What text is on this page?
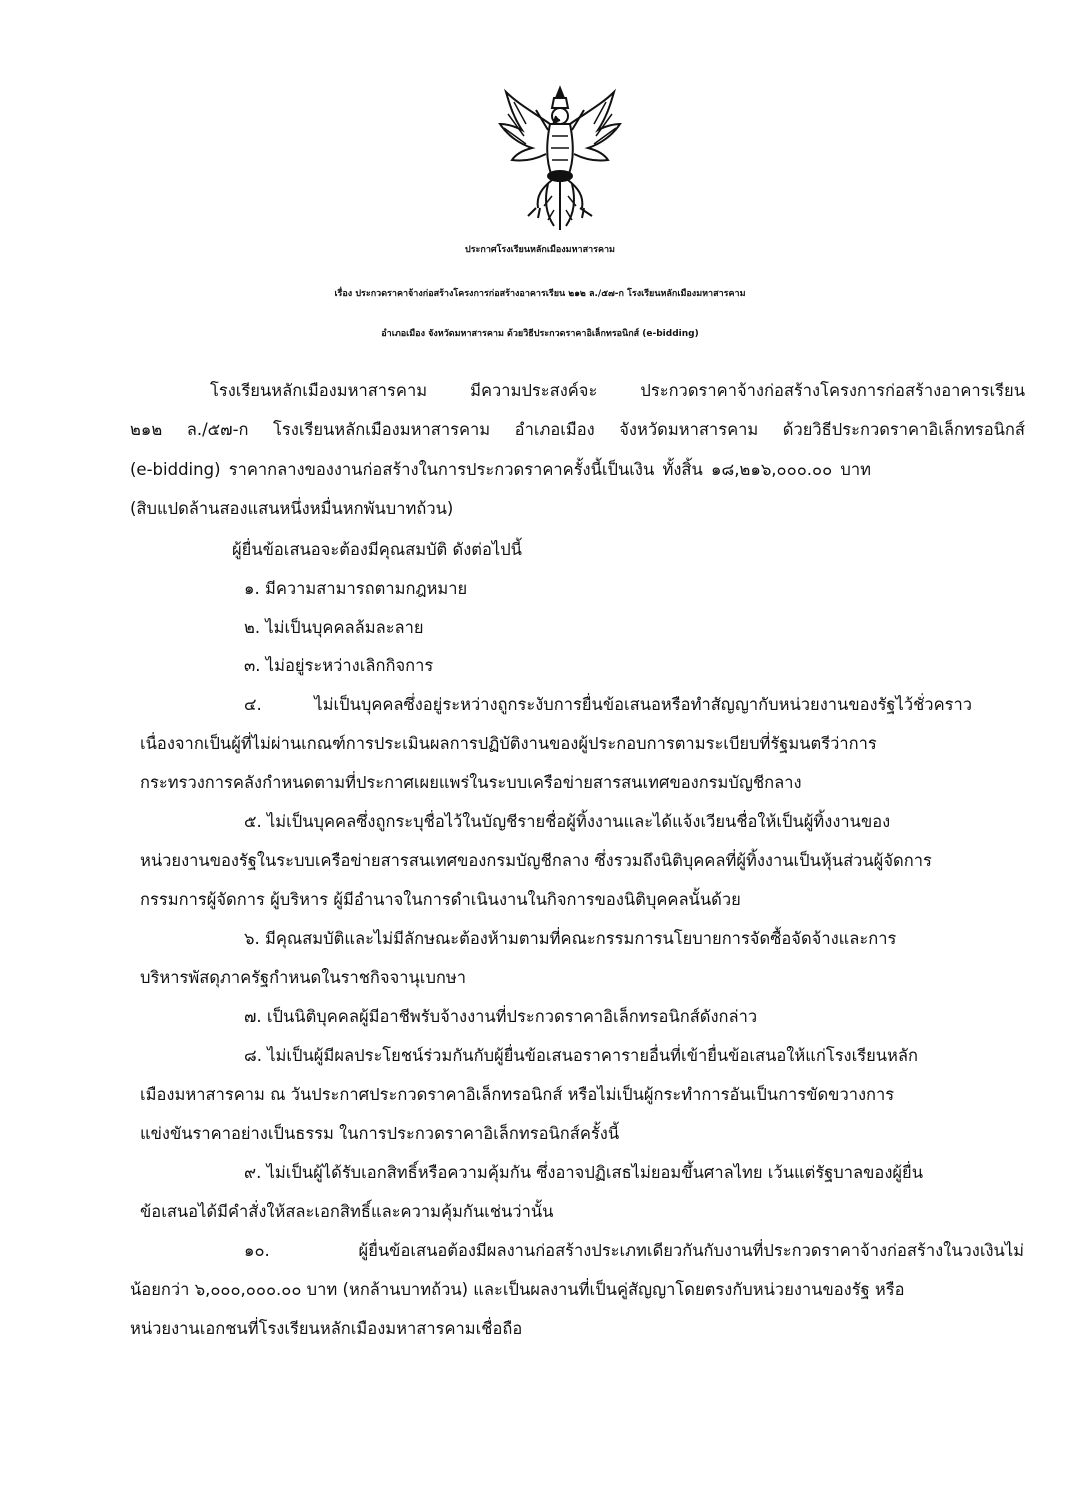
ประกาศโรงเรียนหลักเมืองมหาสารคาม
เรื่อง ประกวดราคาจ้างก่อสร้างโครงการก่อสร้างอาคารเรียน ๒๑๒ ล./๕๗-ก โรงเรียนหลักเมืองมหาสารคาม
อำเภอเมือง จังหวัดมหาสารคาม ด้วยวิธีประกวดราคาอิเล็กทรอนิกส์ (e-bidding)
โรงเรียนหลักเมืองมหาสารคาม มีความประสงค์จะ ประกวดราคาจ้างก่อสร้างโครงการก่อสร้างอาคารเรียน
๒๑๒ ล./๕๗-ก โรงเรียนหลักเมืองมหาสารคาม อำเภอเมือง จังหวัดมหาสารคาม ด้วยวิธีประกวดราคาอิเล็กทรอนิกส์
(e-bidding) ราคากลางของงานก่อสร้างในการประกวดราคาครั้งนี้เป็นเงิน ทั้งสิ้น ๑๘,๒๑๖,๐๐๐.๐๐ บาท
(สิบแปดล้านสองแสนหนึ่งหมื่นหกพันบาทถ้วน)
ผู้ยื่นข้อเสนอจะต้องมีคุณสมบัติ ดังต่อไปนี้
๑. มีความสามารถตามกฎหมาย
๒. ไม่เป็นบุคคลล้มละลาย
๓. ไม่อยู่ระหว่างเลิกกิจการ
๔. ไม่เป็นบุคคลซึ่งอยู่ระหว่างถูกระงับการยื่นข้อเสนอหรือทำสัญญากับหน่วยงานของรัฐไว้ชั่วคราว
เนื่องจากเป็นผู้ที่ไม่ผ่านเกณฑ์การประเมินผลการปฏิบัติงานของผู้ประกอบการตามระเบียบที่รัฐมนตรีว่าการ
กระทรวงการคลังกำหนดตามที่ประกาศเผยแพร่ในระบบเครือข่ายสารสนเทศของกรมบัญชีกลาง
๕. ไม่เป็นบุคคลซึ่งถูกระบุชื่อไว้ในบัญชีรายชื่อผู้ทิ้งงานและได้แจ้งเวียนชื่อให้เป็นผู้ทิ้งงานของ
หน่วยงานของรัฐในระบบเครือข่ายสารสนเทศของกรมบัญชีกลาง ซึ่งรวมถึงนิติบุคคลที่ผู้ทิ้งงานเป็นหุ้นส่วนผู้จัดการ
กรรมการผู้จัดการ ผู้บริหาร ผู้มีอำนาจในการดำเนินงานในกิจการของนิติบุคคลนั้นด้วย
๖. มีคุณสมบัติและไม่มีลักษณะต้องห้ามตามที่คณะกรรมการนโยบายการจัดซื้อจัดจ้างและการ
บริหารพัสดุภาครัฐกำหนดในราชกิจจานุเบกษา
๗. เป็นนิติบุคคลผู้มีอาชีพรับจ้างงานที่ประกวดราคาอิเล็กทรอนิกส์ดังกล่าว
๘. ไม่เป็นผู้มีผลประโยชน์ร่วมกันกับผู้ยื่นข้อเสนอราคารายอื่นที่เข้ายื่นข้อเสนอให้แก่โรงเรียนหลัก
เมืองมหาสารคาม ณ วันประกาศประกวดราคาอิเล็กทรอนิกส์ หรือไม่เป็นผู้กระทำการอันเป็นการขัดขวางการ
แข่งขันราคาอย่างเป็นธรรม ในการประกวดราคาอิเล็กทรอนิกส์ครั้งนี้
๙. ไม่เป็นผู้ได้รับเอกสิทธิ์หรือความคุ้มกัน ซึ่งอาจปฏิเสธไม่ยอมขึ้นศาลไทย เว้นแต่รัฐบาลของผู้ยื่น
ข้อเสนอได้มีคำสั่งให้สละเอกสิทธิ์และความคุ้มกันเช่นว่านั้น
๑๐. ผู้ยื่นข้อเสนอต้องมีผลงานก่อสร้างประเภทเดียวกันกับงานที่ประกวดราคาจ้างก่อสร้างในวงเงินไม่
น้อยกว่า ๖,๐๐๐,๐๐๐.๐๐ บาท (หกล้านบาทถ้วน) และเป็นผลงานที่เป็นคู่สัญญาโดยตรงกับหน่วยงานของรัฐ หรือ
หน่วยงานเอกชนที่โรงเรียนหลักเมืองมหาสารคามเชื่อถือ
